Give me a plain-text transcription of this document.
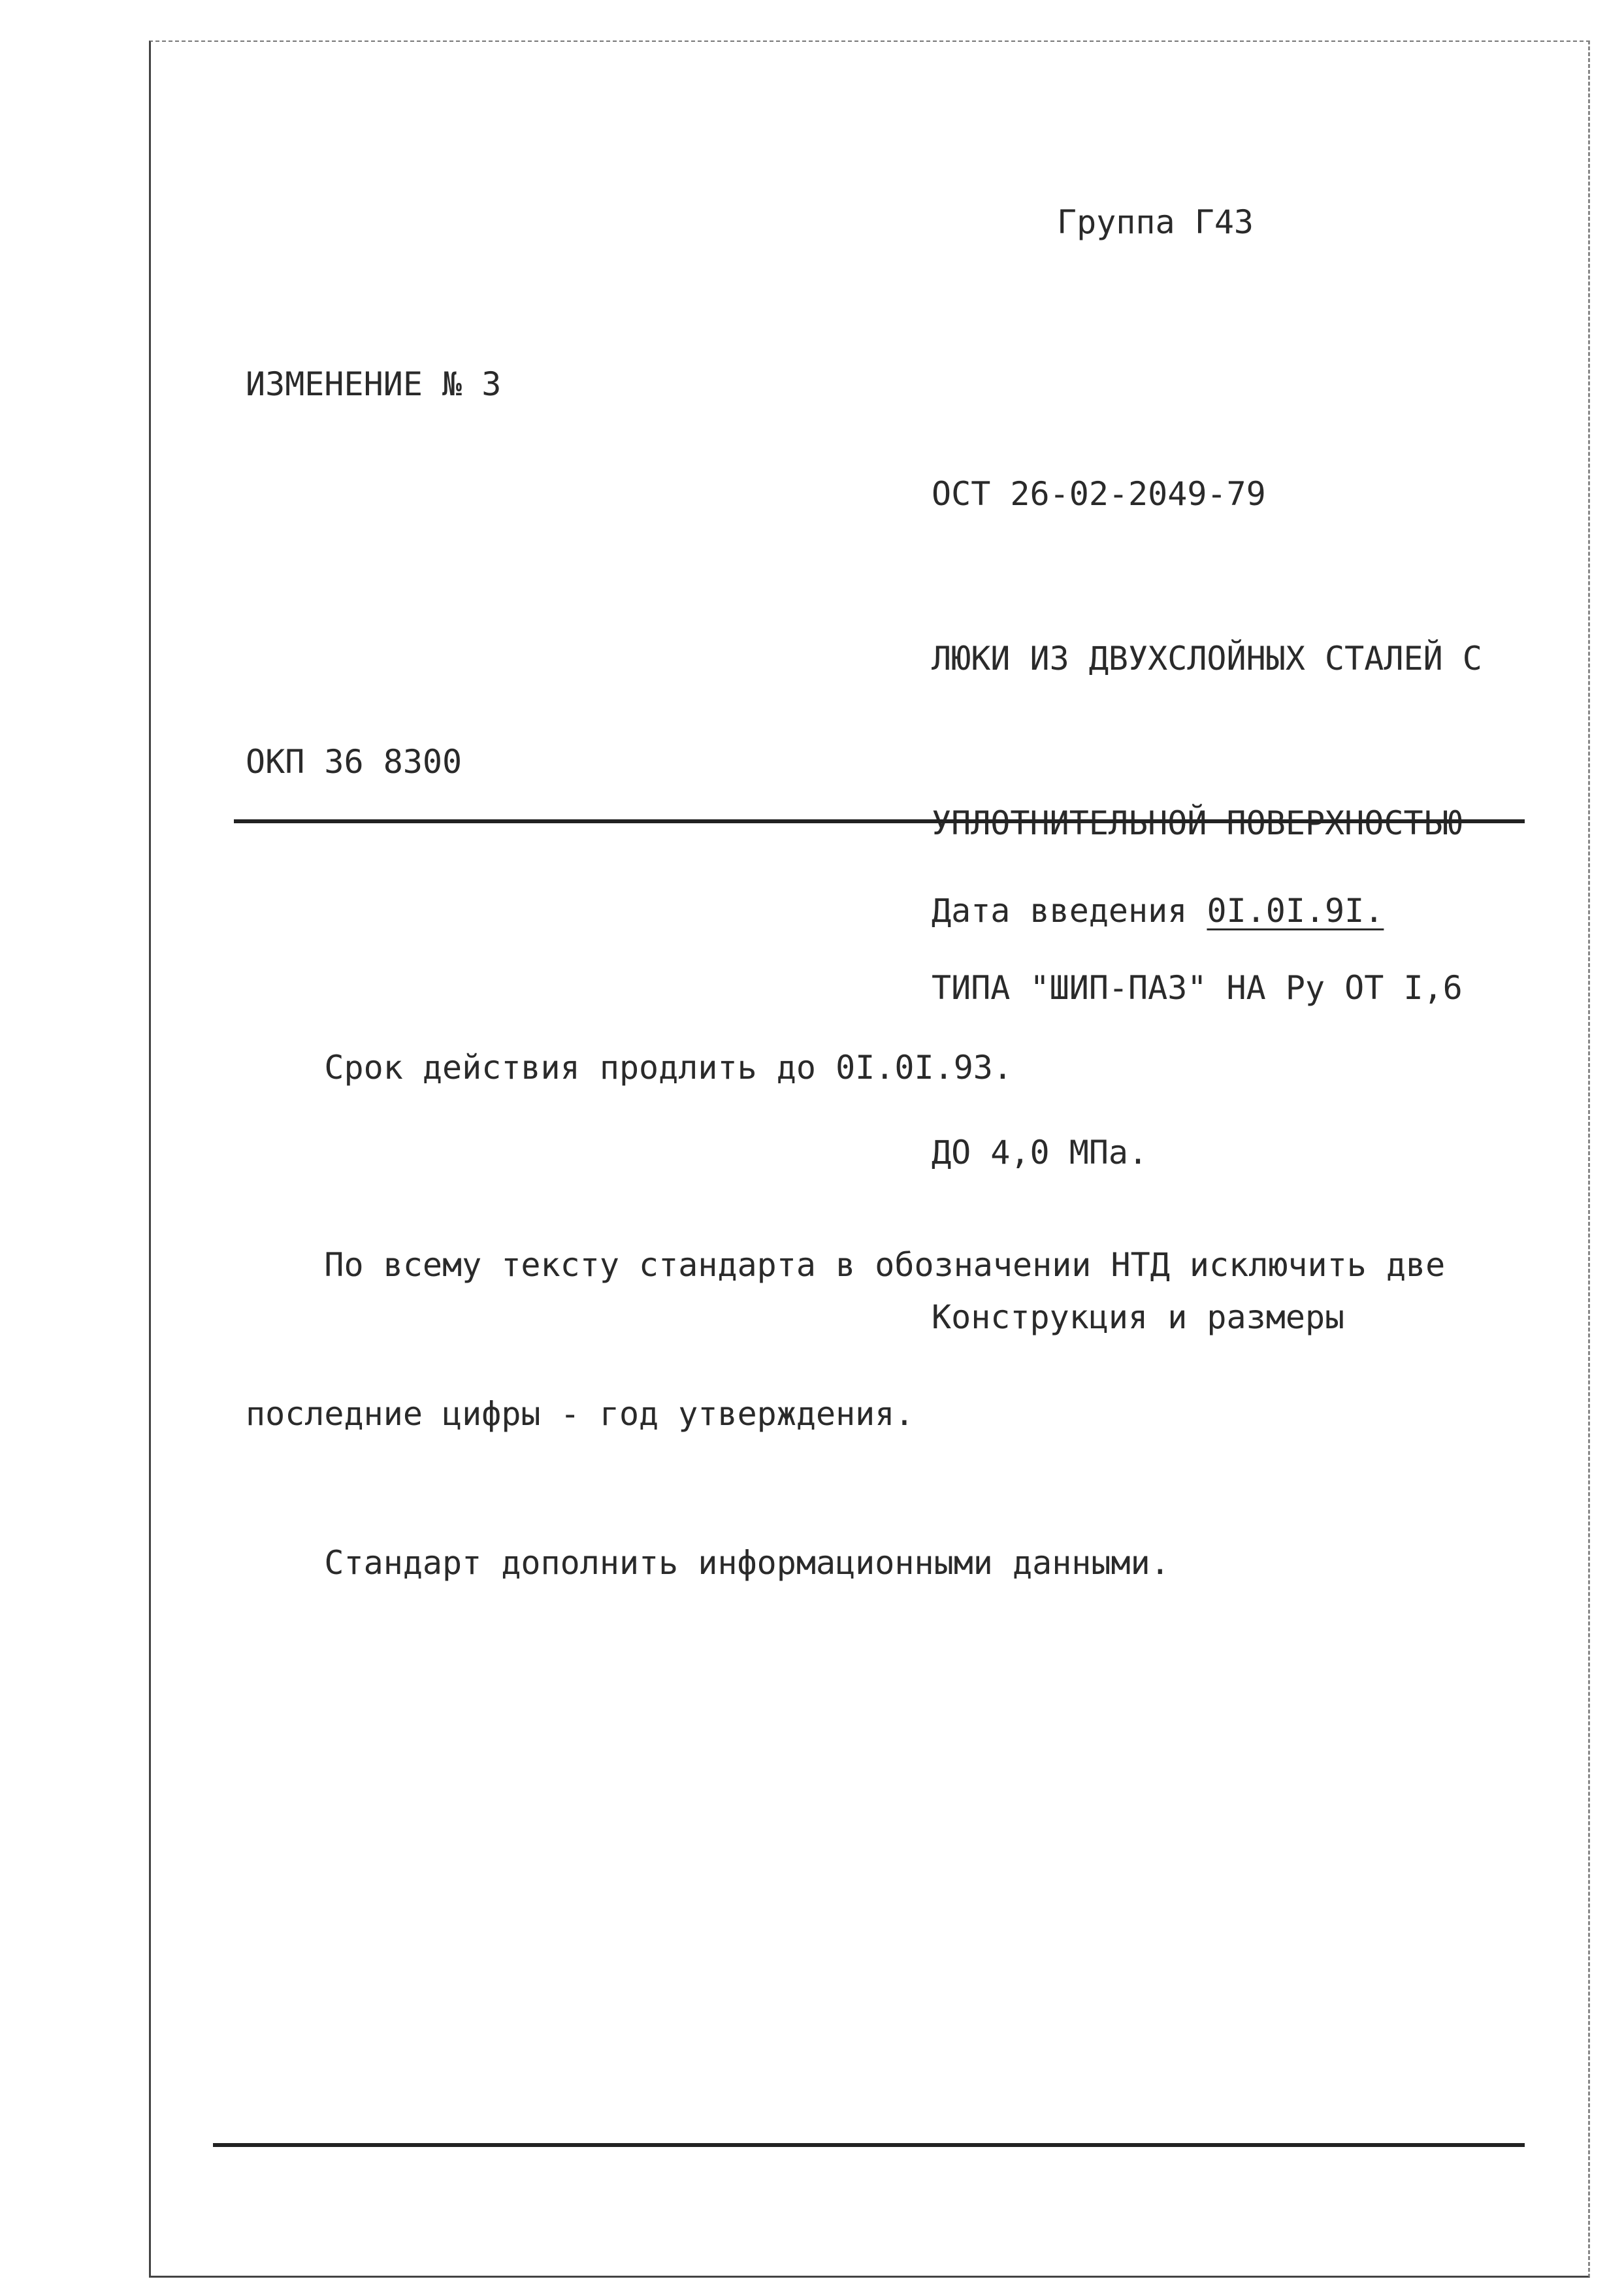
Группа Г43
ИЗМЕНЕНИЕ № 3

ОСТ 26-02-2049-79

ЛЮКИ ИЗ ДВУХСЛОЙНЫХ СТАЛЕЙ С

УПЛОТНИТЕЛЬНОЙ ПОВЕРХНОСТЬЮ

ТИПА "ШИП-ПАЗ" НА Ру ОТ I,6

ДО 4,0 МПа.

Конструкция и размеры

ОКП 36 8300
Дата введения 0I.0I.9I.
Срок действия продлить до 0I.0I.93.

По всему тексту стандарта в обозначении НТД исключить две

последние цифры - год утверждения.

Стандарт дополнить информационными данными.
